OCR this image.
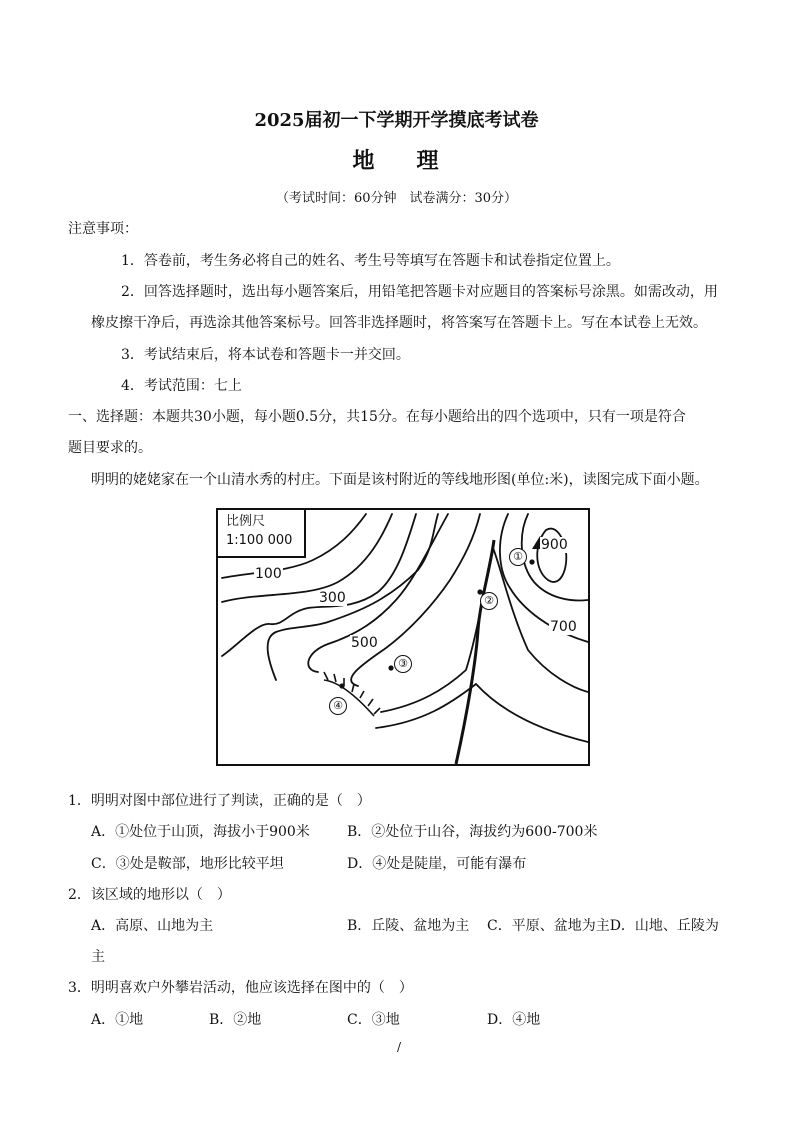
2025届初一下学期开学摸底考试卷
地 理
（考试时间：60分钟　试卷满分：30分）
注意事项：
1．答卷前，考生务必将自己的姓名、考生号等填写在答题卡和试卷指定位置上。
2．回答选择题时，选出每小题答案后，用铅笔把答题卡对应题目的答案标号涂黑。如需改动，用
橡皮擦干净后，再选涂其他答案标号。回答非选择题时，将答案写在答题卡上。写在本试卷上无效。
3．考试结束后，将本试卷和答题卡一并交回。
4．考试范围：七上
一、选择题：本题共30小题，每小题0.5分，共15分。在每小题给出的四个选项中，只有一项是符合
题目要求的。
明明的姥姥家在一个山清水秀的村庄。下面是该村附近的等线地形图(单位:米)，读图完成下面小题。
比例尺
1:100 000
100
300
500
700
900
①
②
③
④
1．明明对图中部位进行了判读，正确的是（　）
A．①处位于山顶，海拔小于900米	B．②处位于山谷，海拔约为600-700米
C．③处是鞍部，地形比较平坦	D．④处是陡崖，可能有瀑布
2．该区域的地形以（　）
A．高原、山地为主	B．丘陵、盆地为主 C．平原、盆地为主D．山地、丘陵为
主
3．明明喜欢户外攀岩活动，他应该选择在图中的（　）
A．①地	B．②地	C．③地	D．④地
/
